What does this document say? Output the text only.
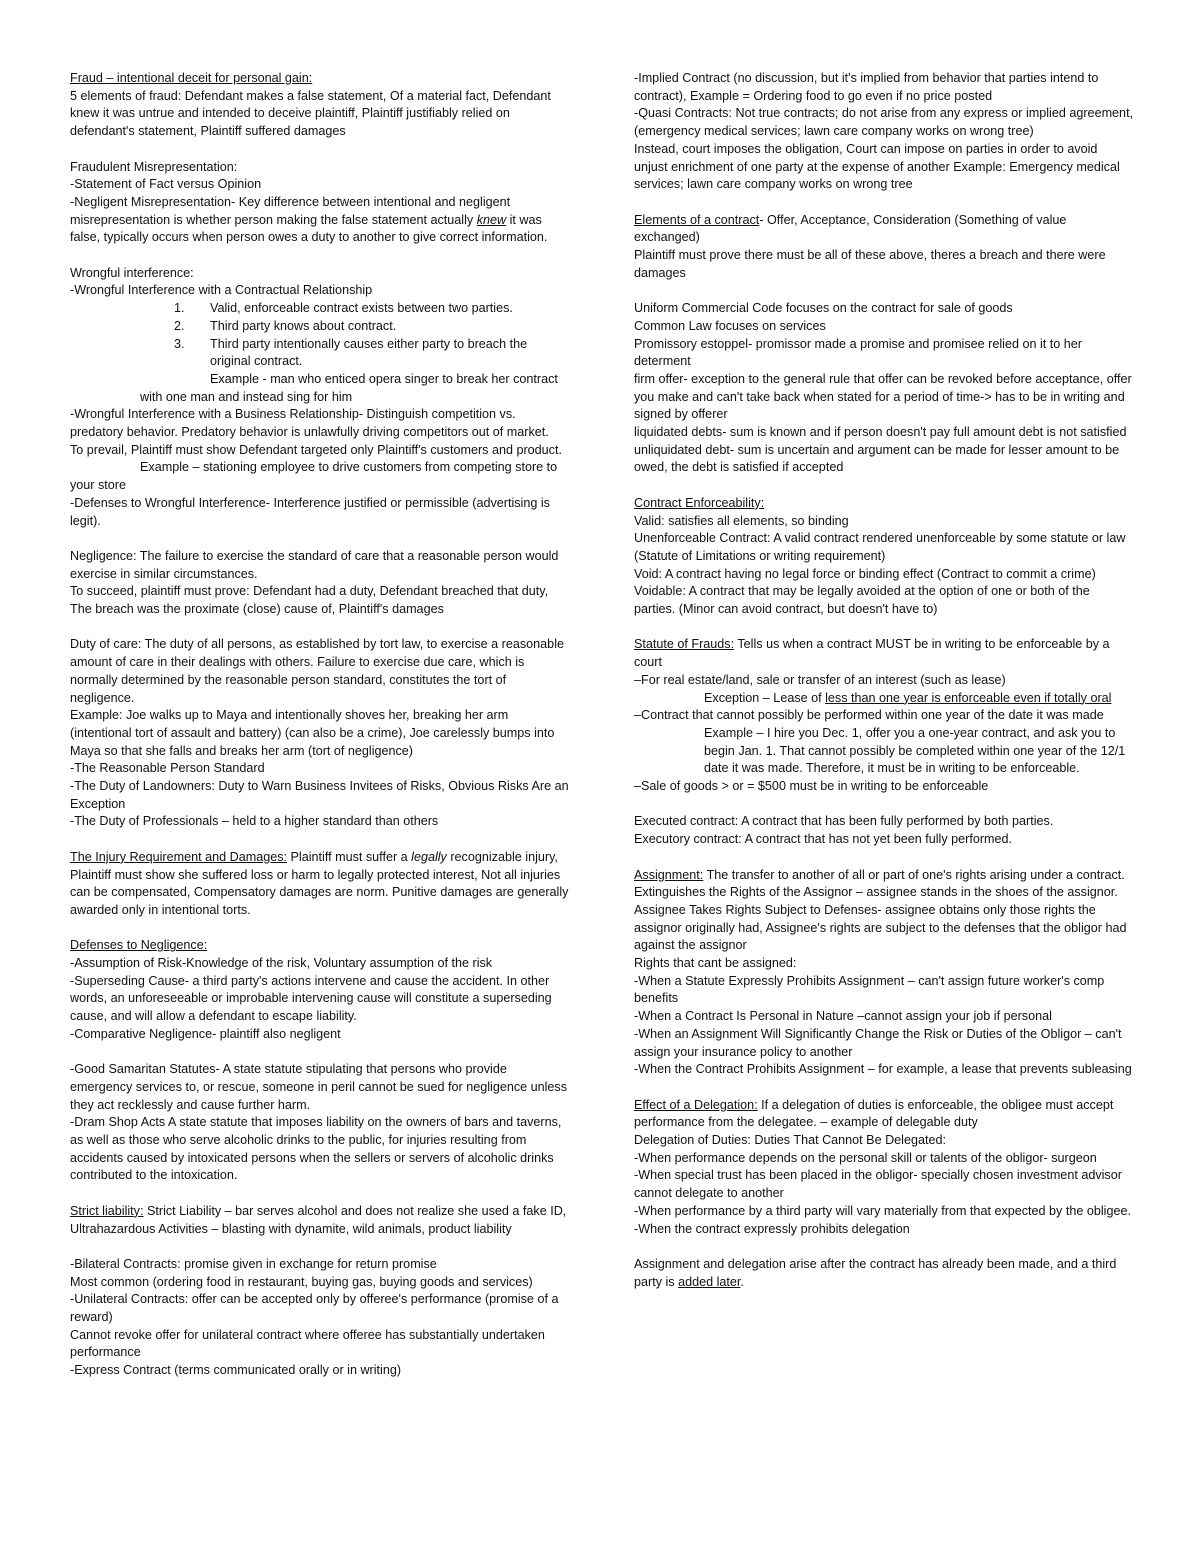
Fraud – intentional deceit for personal gain:

5 elements of fraud: Defendant makes a false statement, Of a material fact, Defendant knew it was untrue and intended to deceive plaintiff, Plaintiff justifiably relied on defendant's statement, Plaintiff suffered damages

Fraudulent Misrepresentation:

-Statement of Fact versus Opinion

-Negligent Misrepresentation- Key difference between intentional and negligent misrepresentation is whether person making the false statement actually knew it was false, typically occurs when person owes a duty to another to give correct information.

Wrongful interference:

-Wrongful Interference with a Contractual Relationship

1. Valid, enforceable contract exists between two parties.
2. Third party knows about contract.
3. Third party intentionally causes either party to breach the original contract.

Example - man who enticed opera singer to break her contract with one man and instead sing for him

-Wrongful Interference with a Business Relationship- Distinguish competition vs. predatory behavior. Predatory behavior is unlawfully driving competitors out of market.

To prevail, Plaintiff must show Defendant targeted only Plaintiff's customers and product.

Example – stationing employee to drive customers from competing store to your store

-Defenses to Wrongful Interference- Interference justified or permissible (advertising is legit).

Negligence: The failure to exercise the standard of care that a reasonable person would exercise in similar circumstances.

To succeed, plaintiff must prove: Defendant had a duty, Defendant breached that duty, The breach was the proximate (close) cause of, Plaintiff's damages

Duty of care: The duty of all persons, as established by tort law, to exercise a reasonable amount of care in their dealings with others. Failure to exercise due care, which is normally determined by the reasonable person standard, constitutes the tort of negligence.

Example: Joe walks up to Maya and intentionally shoves her, breaking her arm (intentional tort of assault and battery) (can also be a crime), Joe carelessly bumps into Maya so that she falls and breaks her arm (tort of negligence)

-The Reasonable Person Standard

-The Duty of Landowners: Duty to Warn Business Invitees of Risks, Obvious Risks Are an Exception

-The Duty of Professionals – held to a higher standard than others

The Injury Requirement and Damages: Plaintiff must suffer a legally recognizable injury, Plaintiff must show she suffered loss or harm to legally protected interest, Not all injuries can be compensated, Compensatory damages are norm. Punitive damages are generally awarded only in intentional torts.

Defenses to Negligence:

-Assumption of Risk-Knowledge of the risk, Voluntary assumption of the risk

-Superseding Cause- a third party's actions intervene and cause the accident. In other words, an unforeseeable or improbable intervening cause will constitute a superseding cause, and will allow a defendant to escape liability.

-Comparative Negligence- plaintiff also negligent

-Good Samaritan Statutes- A state statute stipulating that persons who provide emergency services to, or rescue, someone in peril cannot be sued for negligence unless they act recklessly and cause further harm.

-Dram Shop Acts A state statute that imposes liability on the owners of bars and taverns, as well as those who serve alcoholic drinks to the public, for injuries resulting from accidents caused by intoxicated persons when the sellers or servers of alcoholic drinks contributed to the intoxication.

Strict liability: Strict Liability – bar serves alcohol and does not realize she used a fake ID, Ultrahazardous Activities – blasting with dynamite, wild animals, product liability

-Bilateral Contracts: promise given in exchange for return promise

Most common (ordering food in restaurant, buying gas, buying goods and services)

-Unilateral Contracts: offer can be accepted only by offeree's performance (promise of a reward)

Cannot revoke offer for unilateral contract where offeree has substantially undertaken performance

-Express Contract (terms communicated orally or in writing)

-Implied Contract (no discussion, but it's implied from behavior that parties intend to contract), Example = Ordering food to go even if no price posted

-Quasi Contracts: Not true contracts; do not arise from any express or implied agreement, (emergency medical services; lawn care company works on wrong tree)

Instead, court imposes the obligation, Court can impose on parties in order to avoid unjust enrichment of one party at the expense of another Example: Emergency medical services; lawn care company works on wrong tree

Elements of a contract- Offer, Acceptance, Consideration (Something of value exchanged)

Plaintiff must prove there must be all of these above, theres a breach and there were damages

Uniform Commercial Code focuses on the contract for sale of goods

Common Law focuses on services

Promissory estoppel- promissor made a promise and promisee relied on it to her determent

firm offer- exception to the general rule that offer can be revoked before acceptance, offer you make and can't take back when stated for a period of time-> has to be in writing and signed by offerer

liquidated debts- sum is known and if person doesn't pay full amount debt is not satisfied

unliquidated debt- sum is uncertain and argument can be made for lesser amount to be owed, the debt is satisfied if accepted

Contract Enforceability:

Valid: satisfies all elements, so binding

Unenforceable Contract: A valid contract rendered unenforceable by some statute or law (Statute of Limitations or writing requirement)

Void: A contract having no legal force or binding effect (Contract to commit a crime)

Voidable: A contract that may be legally avoided at the option of one or both of the parties. (Minor can avoid contract, but doesn't have to)

Statute of Frauds: Tells us when a contract MUST be in writing to be enforceable by a court

–For real estate/land, sale or transfer of an interest (such as lease)

Exception – Lease of less than one year is enforceable even if totally oral

–Contract that cannot possibly be performed within one year of the date it was made

Example – I hire you Dec. 1, offer you a one-year contract, and ask you to begin Jan. 1. That cannot possibly be completed within one year of the 12/1 date it was made. Therefore, it must be in writing to be enforceable.

–Sale of goods > or = $500 must be in writing to be enforceable

Executed contract: A contract that has been fully performed by both parties.

Executory contract: A contract that has not yet been fully performed.

Assignment: The transfer to another of all or part of one's rights arising under a contract. Extinguishes the Rights of the Assignor – assignee stands in the shoes of the assignor. Assignee Takes Rights Subject to Defenses- assignee obtains only those rights the assignor originally had, Assignee's rights are subject to the defenses that the obligor had against the assignor

Rights that cant be assigned:

-When a Statute Expressly Prohibits Assignment – can't assign future worker's comp benefits

-When a Contract Is Personal in Nature –cannot assign your job if personal

-When an Assignment Will Significantly Change the Risk or Duties of the Obligor – can't assign your insurance policy to another

-When the Contract Prohibits Assignment – for example, a lease that prevents subleasing

Effect of a Delegation: If a delegation of duties is enforceable, the obligee must accept performance from the delegatee. – example of delegable duty

Delegation of Duties: Duties That Cannot Be Delegated:

-When performance depends on the personal skill or talents of the obligor- surgeon

-When special trust has been placed in the obligor- specially chosen investment advisor cannot delegate to another

-When performance by a third party will vary materially from that expected by the obligee.

-When the contract expressly prohibits delegation

Assignment and delegation arise after the contract has already been made, and a third party is added later.
